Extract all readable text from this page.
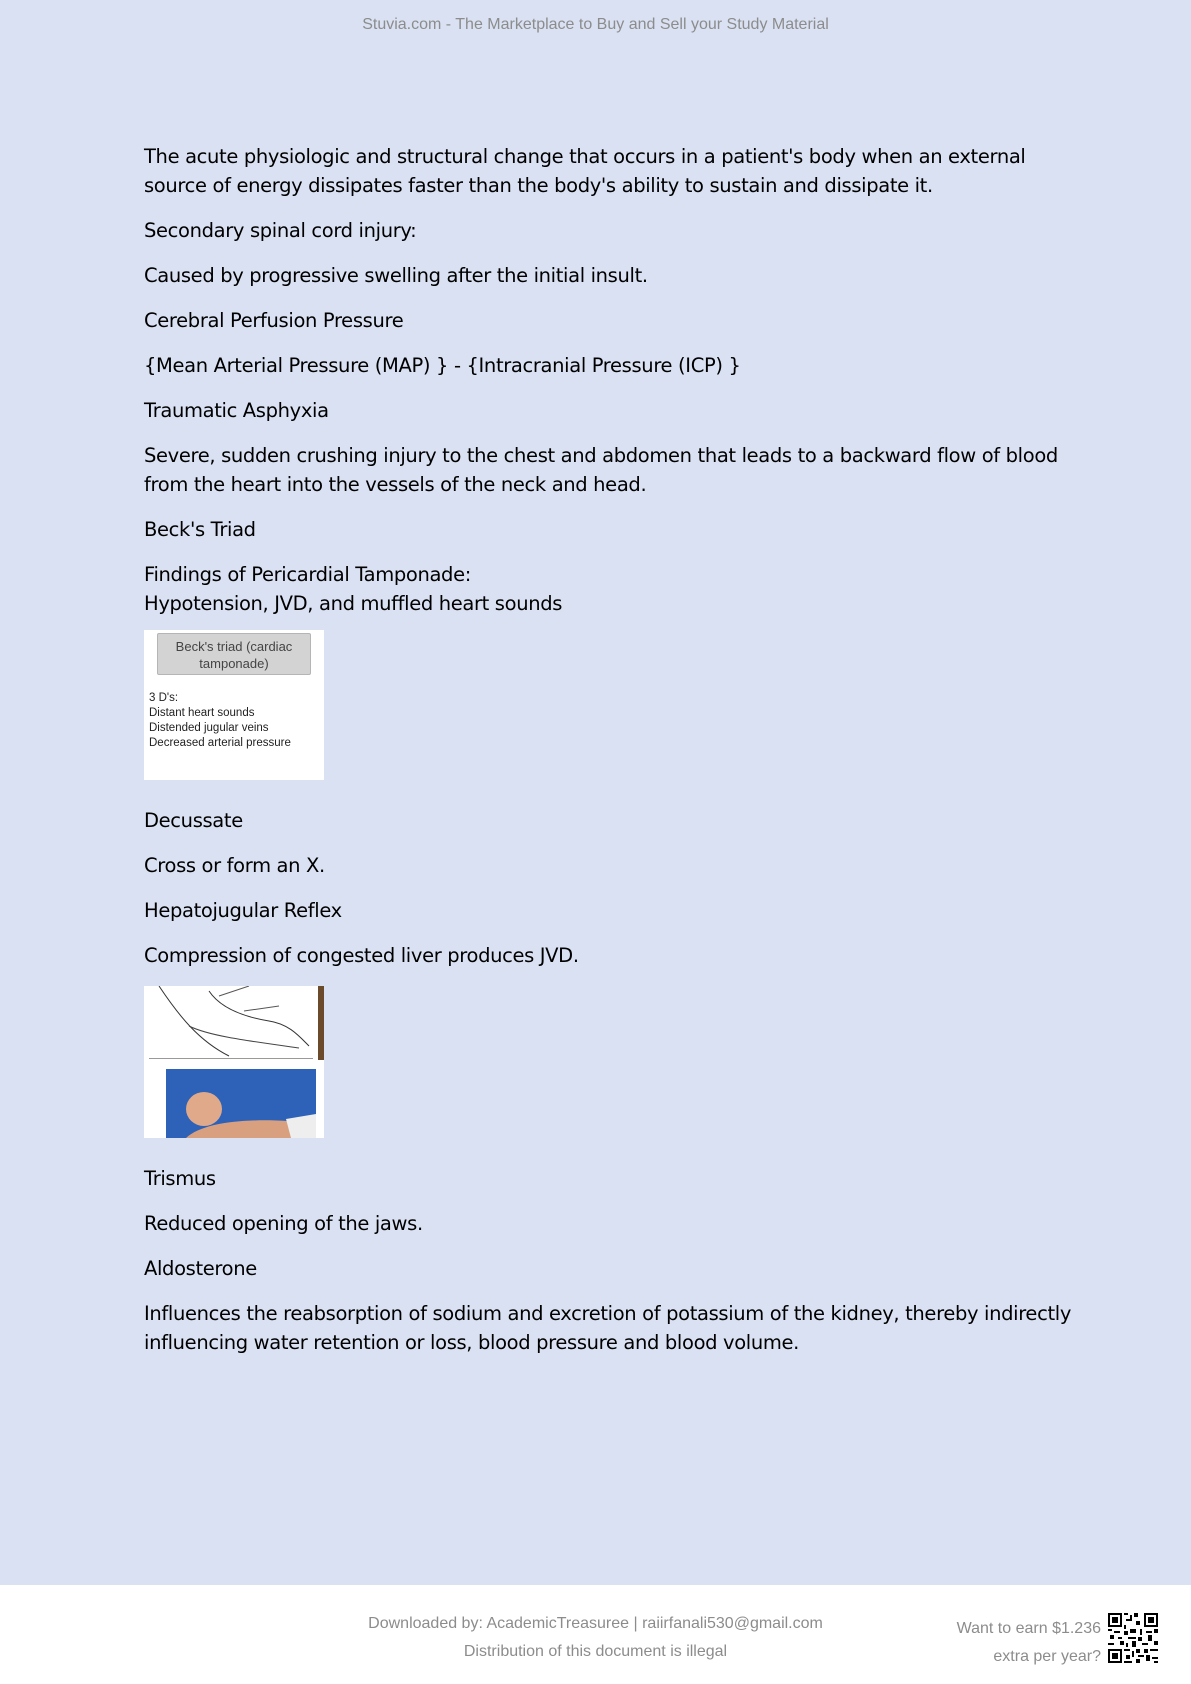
Stuvia.com - The Marketplace to Buy and Sell your Study Material

The acute physiologic and structural change that occurs in a patient's body when an external source of energy dissipates faster than the body's ability to sustain and dissipate it.

Secondary spinal cord injury:

Caused by progressive swelling after the initial insult.

Cerebral Perfusion Pressure

{Mean Arterial Pressure (MAP) } - {Intracranial Pressure (ICP) }

Traumatic Asphyxia

Severe, sudden crushing injury to the chest and abdomen that leads to a backward flow of blood from the heart into the vessels of the neck and head.

Beck's Triad

Findings of Pericardial Tamponade:
Hypotension, JVD, and muffled heart sounds

Beck's triad (cardiac tamponade)
3 D's:
Distant heart sounds
Distended jugular veins
Decreased arterial pressure

Decussate

Cross or form an X.

Hepatojugular Reflex

Compression of congested liver produces JVD.

Trismus

Reduced opening of the jaws.

Aldosterone

Influences the reabsorption of sodium and excretion of potassium of the kidney, thereby indirectly influencing water retention or loss, blood pressure and blood volume.

Downloaded by: AcademicTreasuree | raiirfanali530@gmail.com
Distribution of this document is illegal
Want to earn $1.236
extra per year?
